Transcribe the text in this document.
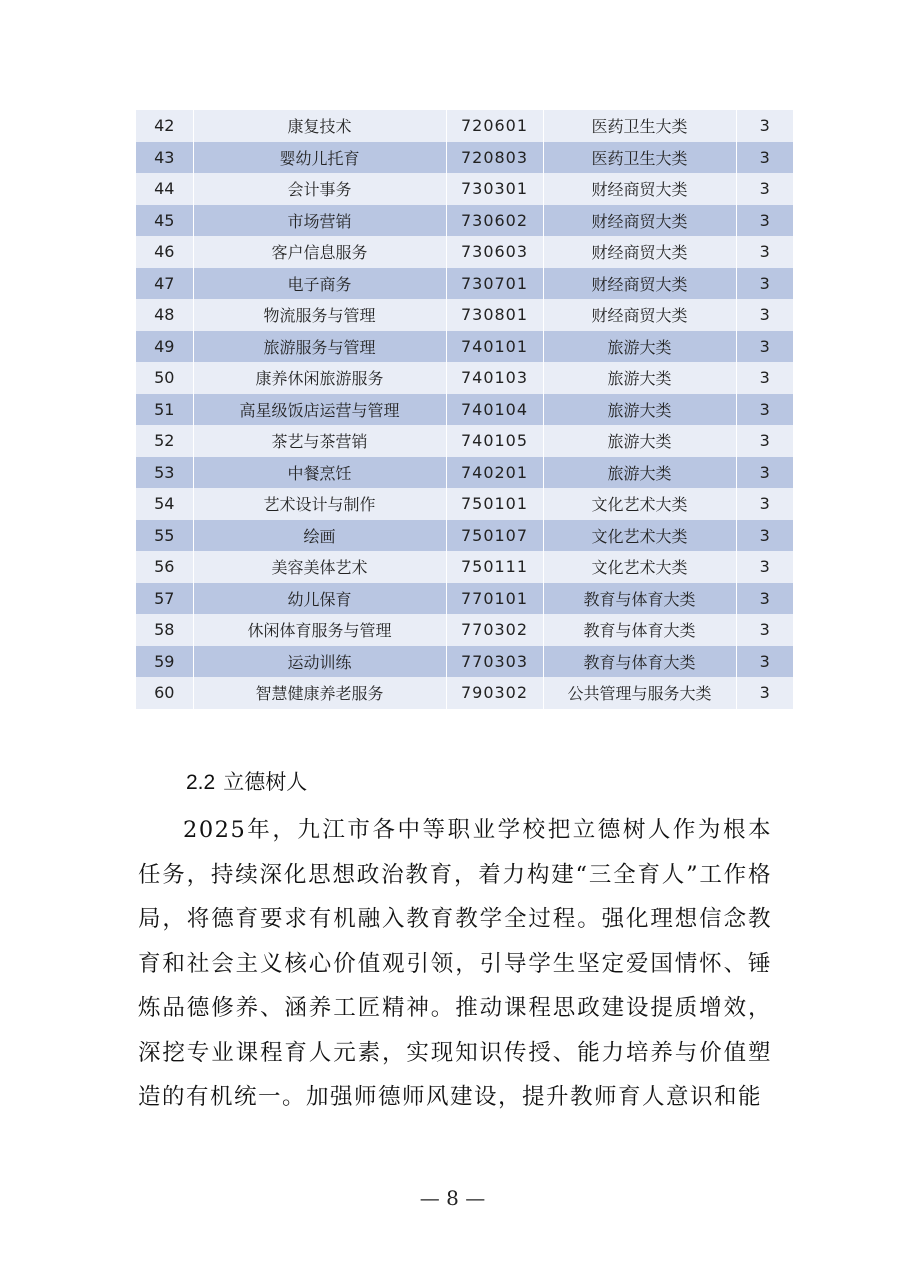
42	康复技术	720601	医药卫生大类	3
43	婴幼儿托育	720803	医药卫生大类	3
44	会计事务	730301	财经商贸大类	3
45	市场营销	730602	财经商贸大类	3
46	客户信息服务	730603	财经商贸大类	3
47	电子商务	730701	财经商贸大类	3
48	物流服务与管理	730801	财经商贸大类	3
49	旅游服务与管理	740101	旅游大类	3
50	康养休闲旅游服务	740103	旅游大类	3
51	高星级饭店运营与管理	740104	旅游大类	3
52	茶艺与茶营销	740105	旅游大类	3
53	中餐烹饪	740201	旅游大类	3
54	艺术设计与制作	750101	文化艺术大类	3
55	绘画	750107	文化艺术大类	3
56	美容美体艺术	750111	文化艺术大类	3
57	幼儿保育	770101	教育与体育大类	3
58	休闲体育服务与管理	770302	教育与体育大类	3
59	运动训练	770303	教育与体育大类	3
60	智慧健康养老服务	790302	公共管理与服务大类	3
2.2 立德树人
2025年，九江市各中等职业学校把立德树人作为根本任务，持续深化思想政治教育，着力构建“三全育人”工作格局，将德育要求有机融入教育教学全过程。强化理想信念教育和社会主义核心价值观引领，引导学生坚定爱国情怀、锤炼品德修养、涵养工匠精神。推动课程思政建设提质增效，深挖专业课程育人元素，实现知识传授、能力培养与价值塑造的有机统一。加强师德师风建设，提升教师育人意识和能
— 8 —
